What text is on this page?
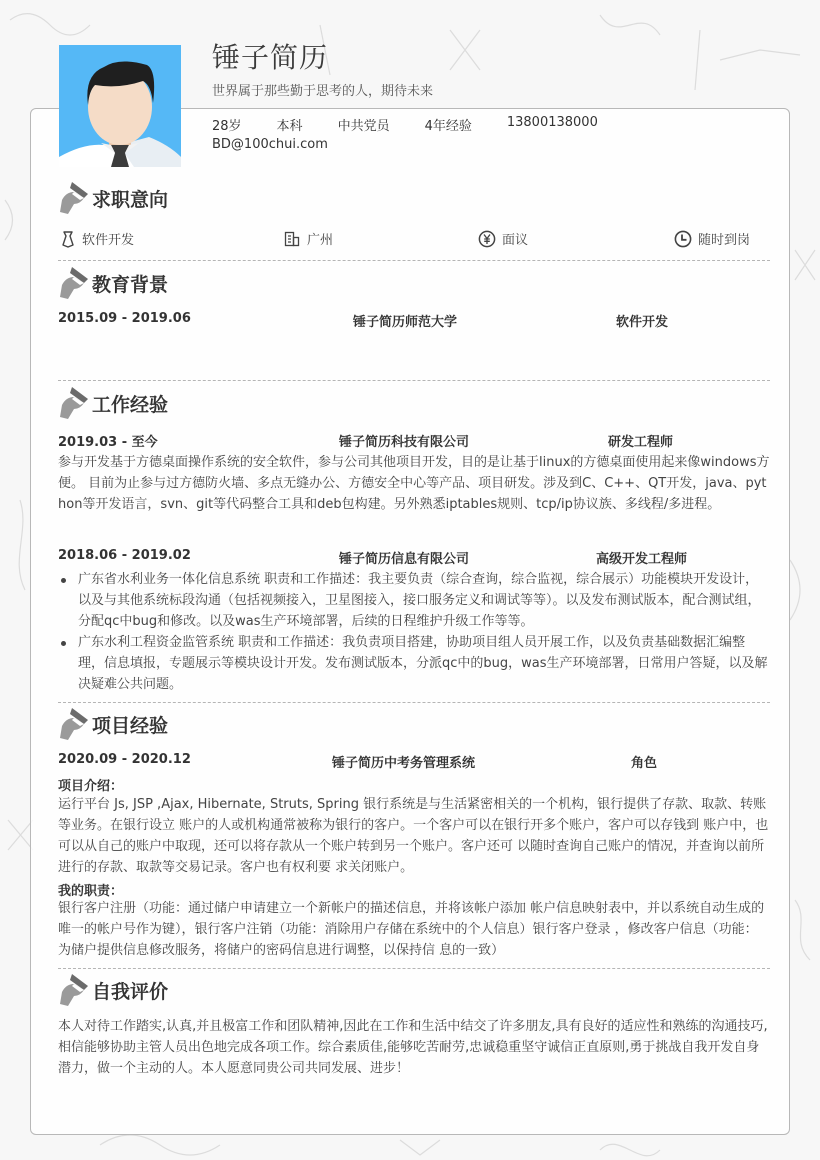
锤子简历
世界属于那些勤于思考的人，期待未来
28岁	本科	中共党员	4年经验	13800138000
BD@100chui.com
求职意向
软件开发	广州	面议	随时到岗
教育背景
2015.09 - 2019.06	锤子简历师范大学	软件开发
工作经验
2019.03 - 至今	锤子简历科技有限公司	研发工程师
参与开发基于方德桌面操作系统的安全软件，参与公司其他项目开发，目的是让基于linux的方德桌面使用起来像windows方便。 目前为止参与过方德防火墙、多点无缝办公、方德安全中心等产品、项目研发。涉及到C、C++、QT开发，java、python等开发语言，svn、git等代码整合工具和deb包构建。另外熟悉iptables规则、tcp/ip协议族、多线程/多进程。
2018.06 - 2019.02	锤子简历信息有限公司	高级开发工程师
广东省水利业务一体化信息系统 职责和工作描述：我主要负责（综合查询，综合监视，综合展示）功能模块开发设计，以及与其他系统标段沟通（包括视频接入，卫星图接入，接口服务定义和调试等等）。以及发布测试版本，配合测试组，分配qc中bug和修改。以及was生产环境部署，后续的日程维护升级工作等等。
广东水利工程资金监管系统 职责和工作描述：我负责项目搭建，协助项目组人员开展工作，以及负责基础数据汇编整理，信息填报，专题展示等模块设计开发。发布测试版本，分派qc中的bug，was生产环境部署，日常用户答疑，以及解决疑难公共问题。
项目经验
2020.09 - 2020.12	锤子简历中考务管理系统	角色
项目介绍：
运行平台 Js, JSP ,Ajax, Hibernate, Struts, Spring 银行系统是与生活紧密相关的一个机构，银行提供了存款、取款、转账等业务。在银行设立 账户的人或机构通常被称为银行的客户。一个客户可以在银行开多个账户，客户可以存钱到 账户中，也可以从自己的账户中取现，还可以将存款从一个账户转到另一个账户。客户还可 以随时查询自己账户的情况，并查询以前所进行的存款、取款等交易记录。客户也有权利要 求关闭账户。
我的职责：
银行客户注册（功能：通过储户申请建立一个新帐户的描述信息，并将该帐户添加 帐户信息映射表中，并以系统自动生成的唯一的帐户号作为键），银行客户注销（功能：消除用户存储在系统中的个人信息）银行客户登录 ，修改客户信息（功能：为储户提供信息修改服务，将储户的密码信息进行调整，以保持信 息的一致）
自我评价
本人对待工作踏实,认真,并且极富工作和团队精神,因此在工作和生活中结交了许多朋友,具有良好的适应性和熟练的沟通技巧,相信能够协助主管人员出色地完成各项工作。综合素质佳,能够吃苦耐劳,忠诚稳重坚守诚信正直原则,勇于挑战自我开发自身潜力，做一个主动的人。本人愿意同贵公司共同发展、进步！
